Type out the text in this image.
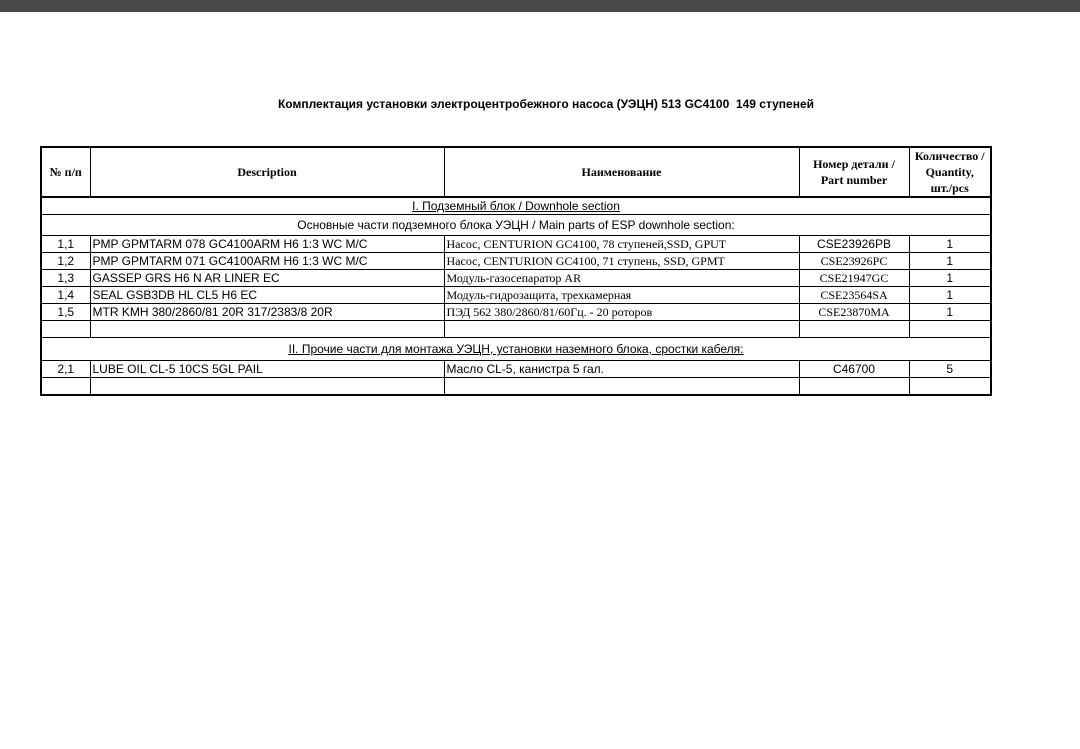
Комплектация установки электроцентробежного насоса (УЭЦН) 513 GC4100  149 ступеней
№ п/п	Description	Наименование	Номер детали / Part number	Количество / Quantity, шт./pcs
I. Подземный блок / Downhole section				
Основные части подземного блока УЭЦН / Main parts of ESP downhole section:				
1,1	PMP GPMTARM 078 GC4100ARM H6 1:3 WC M/C	Насос, CENTURION GC4100, 78 ступеней,SSD, GPUT	CSE23926PB	1
1,2	PMP GPMTARM 071 GC4100ARM H6 1:3 WC M/C	Насос, CENTURION GC4100, 71 ступень, SSD, GPMT	CSE23926PC	1
1,3	GASSEP GRS H6 N AR LINER EC	Модуль-газосепаратор AR	CSE21947GC	1
1,4	SEAL GSB3DB HL CL5 H6 EC	Модуль-гидрозащита, трехкамерная	CSE23564SA	1
1,5	MTR KMH 380/2860/81 20R 317/2383/8 20R	ПЭД 562 380/2860/81/60Гц. - 20 роторов	CSE23870MA	1

II. Прочие части для монтажа УЭЦН, установки наземного блока, сростки кабеля:				
2,1	LUBE OIL CL-5 10CS 5GL PAIL	Масло CL-5, канистра 5 гал.	C46700	5
